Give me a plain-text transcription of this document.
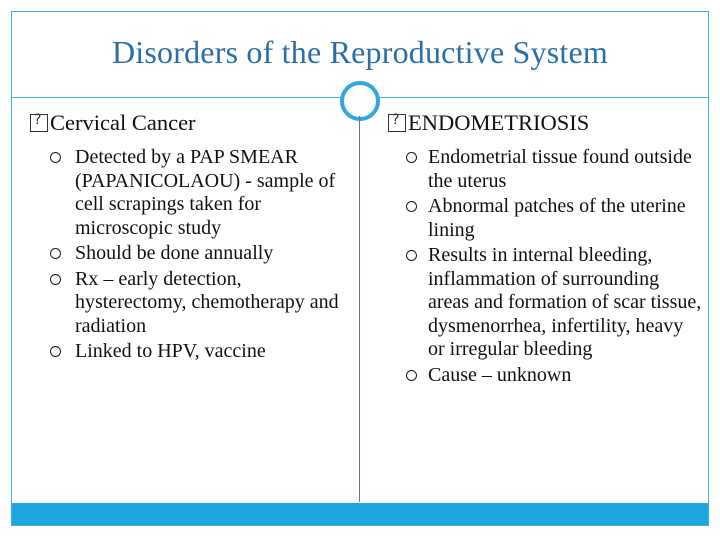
Disorders of the Reproductive System
?
Cervical Cancer
Detected by a PAP SMEAR (PAPANICOLAOU) - sample of cell scrapings taken for microscopic study
Should be done annually
Rx – early detection, hysterectomy, chemotherapy and radiation
Linked to HPV, vaccine
?
ENDOMETRIOSIS
Endometrial tissue found outside the uterus
Abnormal patches of the uterine lining
Results in internal bleeding, inflammation of surrounding areas and formation of scar tissue, dysmenorrhea, infertility, heavy or irregular bleeding
Cause – unknown
